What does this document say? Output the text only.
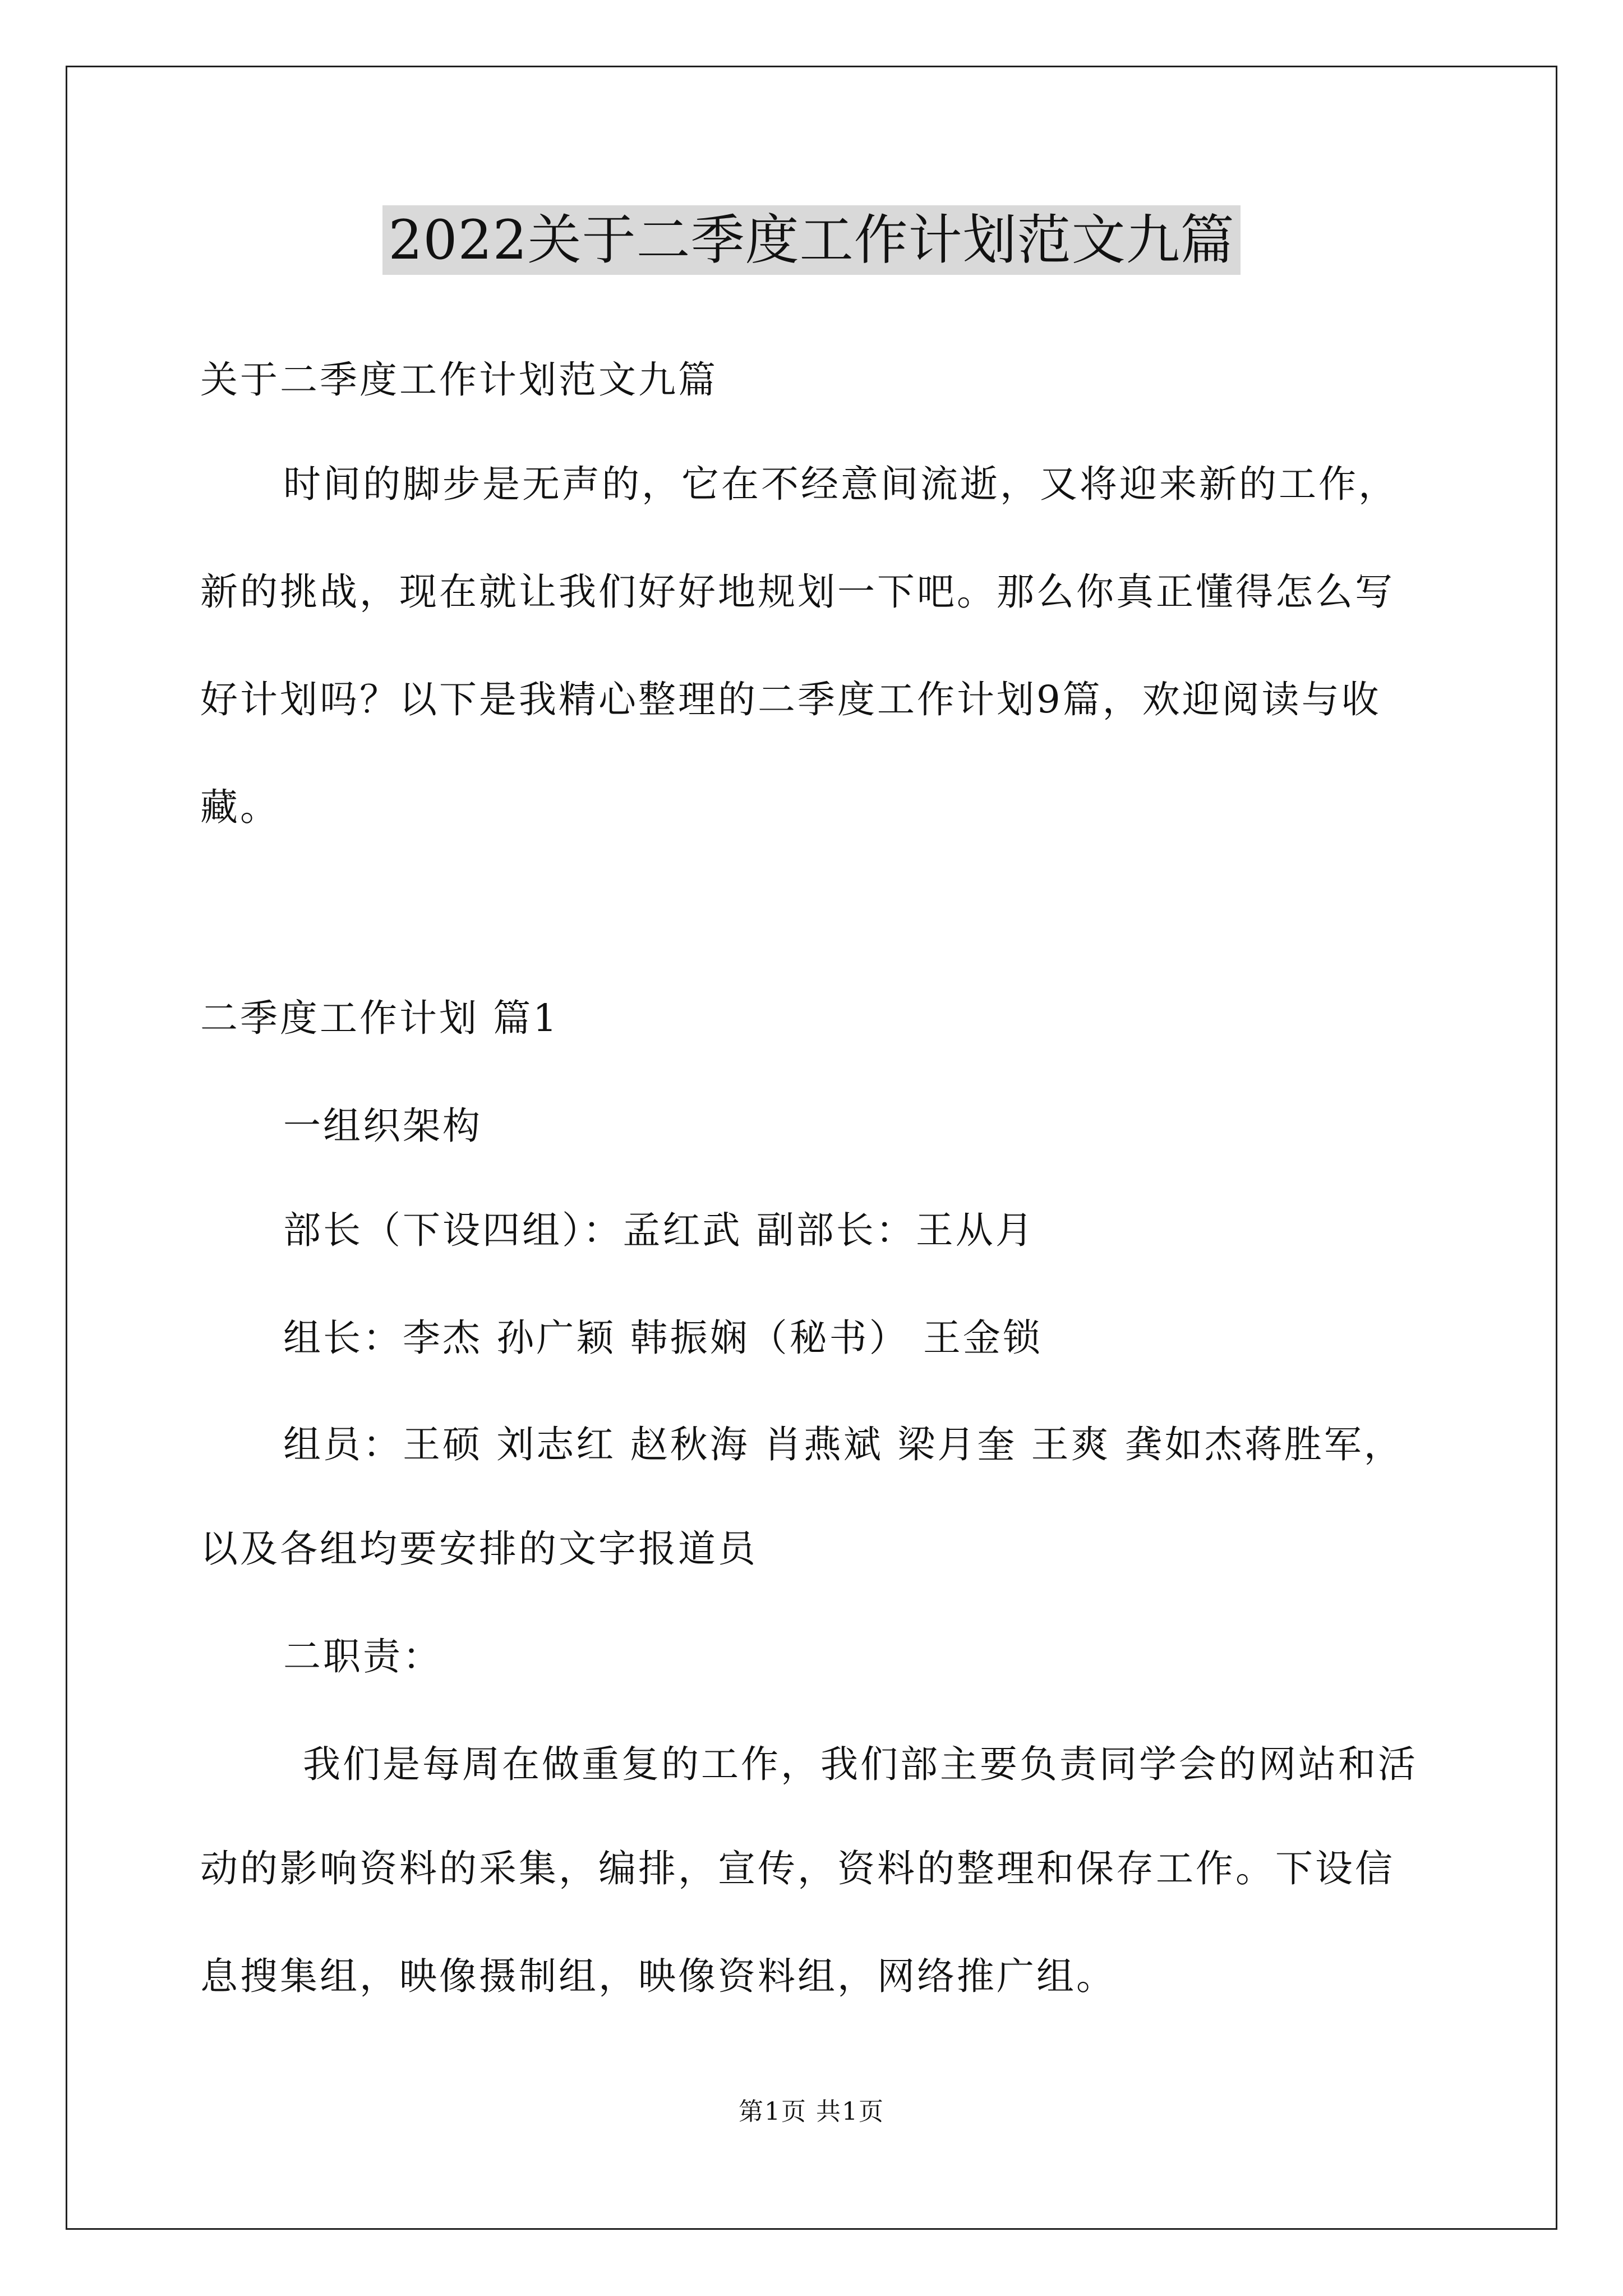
2022关于二季度工作计划范文九篇
关于二季度工作计划范文九篇
时间的脚步是无声的，它在不经意间流逝，又将迎来新的工作，
新的挑战，现在就让我们好好地规划一下吧。那么你真正懂得怎么写
好计划吗？以下是我精心整理的二季度工作计划9篇，欢迎阅读与收
藏。
二季度工作计划 篇1
一组织架构
部长（下设四组）：孟红武 副部长：王从月
组长：李杰 孙广颖 韩振娴（秘书） 王金锁
组员：王硕 刘志红 赵秋海 肖燕斌 梁月奎 王爽 龚如杰蒋胜军，
以及各组均要安排的文字报道员
二职责：
我们是每周在做重复的工作，我们部主要负责同学会的网站和活
动的影响资料的采集，编排，宣传，资料的整理和保存工作。下设信
息搜集组，映像摄制组，映像资料组，网络推广组。
第1页 共1页
